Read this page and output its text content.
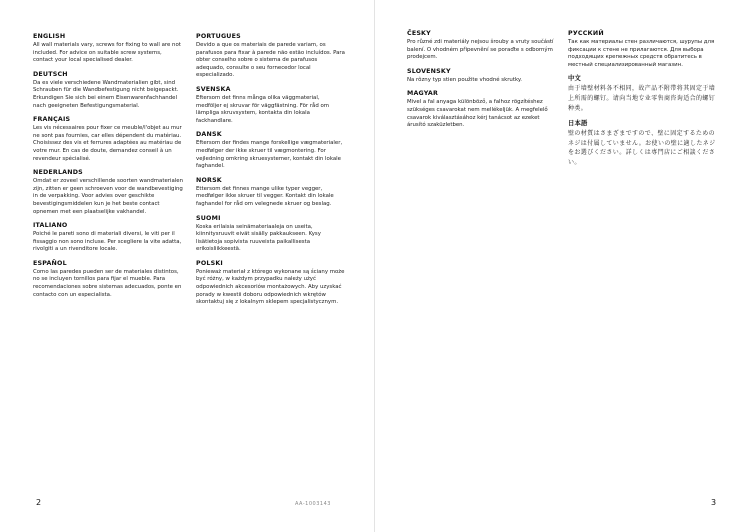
ENGLISH

All wall materials vary, screws for fixing to wall are not included. For advice on suitable screw systems, contact your local specialised dealer.

DEUTSCH

Da es viele verschiedene Wandmaterialien gibt, sind Schrauben für die Wandbefestigung nicht beigepackt. Erkundigen Sie sich bei einem Eisenwarenfachhandel nach geeigneten Befestigungsmaterial.

FRANÇAIS

Les vis nécessaires pour fixer ce meuble/l'objet au mur ne sont pas fournies, car elles dépendent du matériau. Choisissez des vis et ferrures adaptées au matériau de votre mur. En cas de doute, demandez conseil à un revendeur spécialisé.

NEDERLANDS

Omdat er zoveel verschillende soorten wandmaterialen zijn, zitten er geen schroeven voor de wandbevestiging in de verpakking. Voor advies over geschikte bevestigingsmiddelen kun je het beste contact opnemen met een plaatselijke vakhandel.

ITALIANO

Poiché le pareti sono di materiali diversi, le viti per il fissaggio non sono incluse. Per scegliere la vite adatta, rivolgiti a un rivenditore locale.

ESPAÑOL

Como las paredes pueden ser de materiales distintos, no se incluyen tornillos para fijar el mueble. Para recomendaciones sobre sistemas adecuados, ponte en contacto con un especialista.

PORTUGUES

Devido a que os materiais de parede variam, os parafusos para fixar à parede não estão incluídos. Para obter conselho sobre o sistema de parafusos adequado, consulte o seu fornecedor local especializado.

SVENSKA

Eftersom det finns många olika väggmaterial, medföljer ej skruvar för väggfästning. För råd om lämpliga skruvsystem, kontakta din lokala fackhandlare.

DANSK

Eftersom der findes mange forskellige vægmaterialer, medfølger der ikke skruer til vægmontering. For vejledning omkring skruesystemer, kontakt din lokale faghandel.

NORSK

Ettersom det finnes mange ulike typer vegger, medfølger ikke skruer til vegger. Kontakt din lokale faghandel for råd om velegnede skruer og beslag.

SUOMI

Koska erilaisia seinämateriaaleja on useita, kiinnitysruuvit eivät sisälly pakkaukseen. Kysy lisätietoja sopivista ruuveista paikallisesta erikoisliikkeestä.

POLSKI

Ponieważ materiał z którego wykonane są ściany może być różny, w każdym przypadku należy użyć odpowiednich akcesoriów montażowych. Aby uzyskać porady w kwestii doboru odpowiednich wkrętów skontaktuj się z lokalnym sklepem specjalistycznym.

2	AA-1003143
ČESKY

Pro různé zdi materiály nejsou šrouby a vruty součástí balení. O vhodném připevnění se poraďte s odborným prodejcem.

SLOVENSKY

Na rôzny typ stien použite vhodné skrutky.

MAGYAR

Mivel a fal anyaga különböző, a falhoz rögzítéshez szükséges csavarokat nem mellékeljük. A megfelelő csavarok kiválasztásához kérj tanácsot az ezeket árusító szaküzletben.

РУССКИЙ

Так как материалы стен различаются, шурупы для фиксации к стене не прилагаются. Для выбора подходящих крепежных средств обратитесь в местный специализированный магазин.

中文

由于墙壁材料各不相同，故产品不附带将其固定于墙上所需的螺钉。请向当地专业零售商咨询适合的螺钉种类。

日本語

壁の材質はさまざまですので、壁に固定するためのネジは付属していません。お使いの壁に適したネジをお選びください。詳しくは専門店にご相談ください。

3
